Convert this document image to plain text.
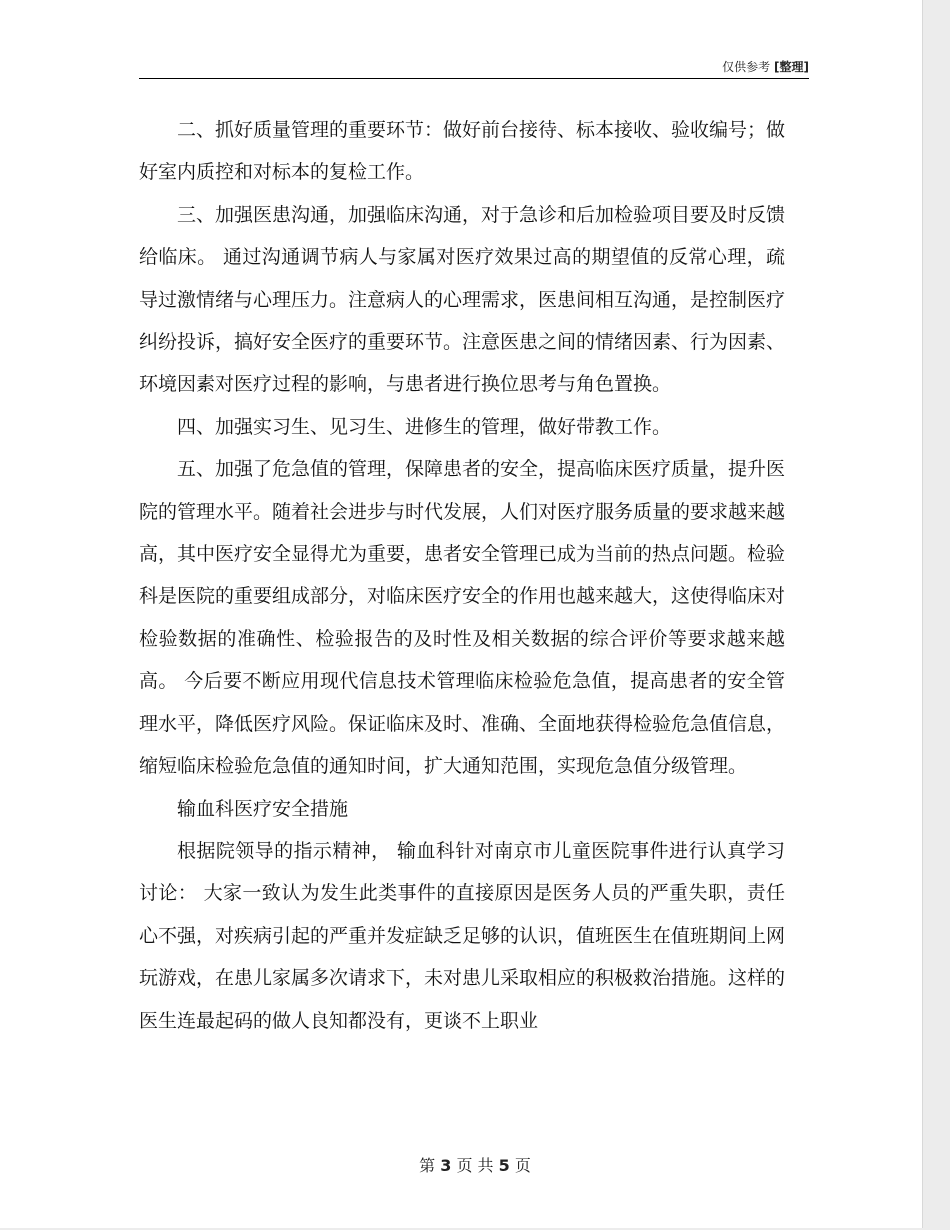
仅供参考 [整理]

二、抓好质量管理的重要环节：做好前台接待、标本接收、验收编号；做好室内质控和对标本的复检工作。

三、加强医患沟通，加强临床沟通，对于急诊和后加检验项目要及时反馈给临床。 通过沟通调节病人与家属对医疗效果过高的期望值的反常心理，疏导过激情绪与心理压力。注意病人的心理需求，医患间相互沟通，是控制医疗纠纷投诉，搞好安全医疗的重要环节。注意医患之间的情绪因素、行为因素、环境因素对医疗过程的影响，与患者进行换位思考与角色置换。

四、加强实习生、见习生、进修生的管理，做好带教工作。

五、加强了危急值的管理，保障患者的安全，提高临床医疗质量，提升医院的管理水平。随着社会进步与时代发展，人们对医疗服务质量的要求越来越高，其中医疗安全显得尤为重要，患者安全管理已成为当前的热点问题。检验科是医院的重要组成部分，对临床医疗安全的作用也越来越大，这使得临床对检验数据的准确性、检验报告的及时性及相关数据的综合评价等要求越来越高。 今后要不断应用现代信息技术管理临床检验危急值，提高患者的安全管理水平，降低医疗风险。保证临床及时、准确、全面地获得检验危急值信息，缩短临床检验危急值的通知时间，扩大通知范围，实现危急值分级管理。

输血科医疗安全措施

根据院领导的指示精神， 输血科针对南京市儿童医院事件进行认真学习讨论： 大家一致认为发生此类事件的直接原因是医务人员的严重失职，责任心不强，对疾病引起的严重并发症缺乏足够的认识，值班医生在值班期间上网玩游戏，在患儿家属多次请求下，未对患儿采取相应的积极救治措施。这样的医生连最起码的做人良知都没有，更谈不上职业

第 3 页 共 5 页
